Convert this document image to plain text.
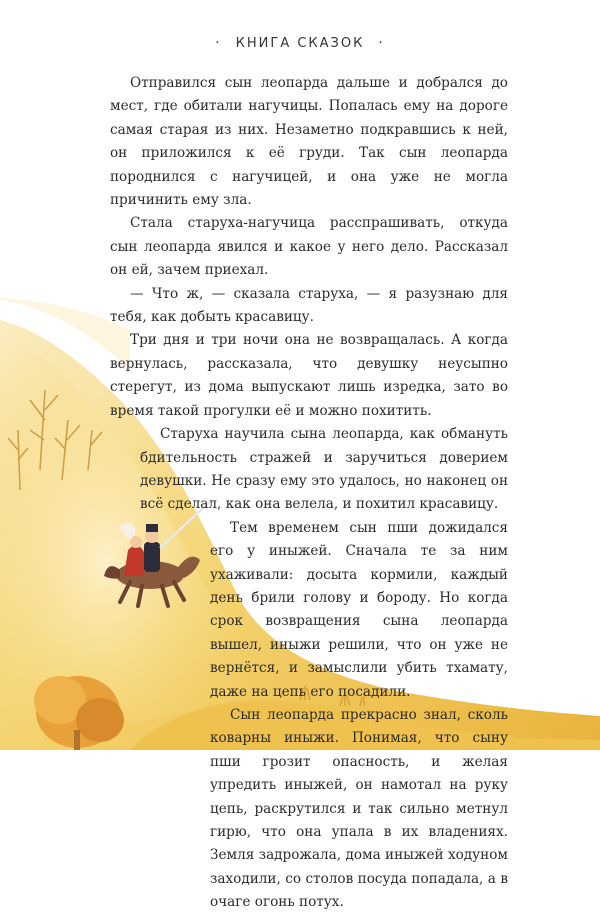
· КНИГА СКАЗОК ·

Отправился сын леопарда дальше и добрался до мест, где обитали нагучицы. Попалась ему на дороге самая старая из них. Незаметно подкравшись к ней, он приложился к её груди. Так сын леопарда породнился с нагучицей, и она уже не могла причинить ему зла.

Стала старуха-нагучица расспрашивать, откуда сын леопарда явился и какое у него дело. Рассказал он ей, зачем приехал.

— Что ж, — сказала старуха, — я разузнаю для тебя, как добыть красавицу.

Три дня и три ночи она не возвращалась. А когда вернулась, рассказала, что девушку неусыпно стерегут, из дома выпускают лишь изредка, зато во время такой прогулки её и можно похитить.

Старуха научила сына леопарда, как обмануть бдительность стражей и заручиться доверием девушки. Не сразу ему это удалось, но наконец он всё сделал, как она велела, и похитил красавицу.

Тем временем сын пши дожидался его у иныжей. Сначала те за ним ухаживали: досыта кормили, каждый день брили голову и бороду. Но когда срок возвращения сына леопарда вышел, иныжи решили, что он уже не вернётся, и замыслили убить тхамату, даже на цепь его посадили.

Сын леопарда прекрасно знал, сколь коварны иныжи. Понимая, что сыну пши грозит опасность, и желая упредить иныжей, он намотал на руку цепь, раскрутился и так сильно метнул гирю, что она упала в их владениях. Земля задрожала, дома иныжей ходуном заходили, со столов посуда попадала, а в очаге огонь потух.
